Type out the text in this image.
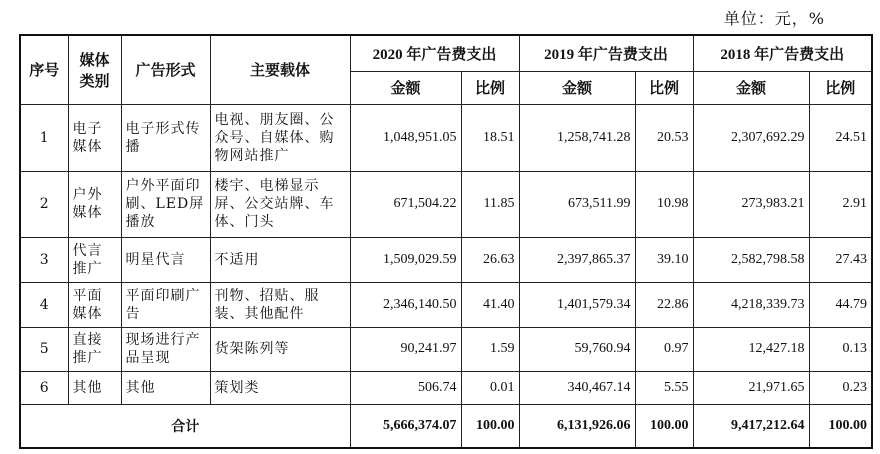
单位：元，%
序号	媒体类别	广告形式	主要载体	2020 年广告费支出		2019 年广告费支出		2018 年广告费支出	
				金额	比例	金额	比例	金额	比例
1	电子媒体	电子形式传播	电视、朋友圈、公众号、自媒体、购物网站推广	1,048,951.05	18.51	1,258,741.28	20.53	2,307,692.29	24.51
2	户外媒体	户外平面印刷、LED屏播放	楼宇、电梯显示屏、公交站牌、车体、门头	671,504.22	11.85	673,511.99	10.98	273,983.21	2.91
3	代言推广	明星代言	不适用	1,509,029.59	26.63	2,397,865.37	39.10	2,582,798.58	27.43
4	平面媒体	平面印刷广告	刊物、招贴、服装、其他配件	2,346,140.50	41.40	1,401,579.34	22.86	4,218,339.73	44.79
5	直接推广	现场进行产品呈现	货架陈列等	90,241.97	1.59	59,760.94	0.97	12,427.18	0.13
6	其他	其他	策划类	506.74	0.01	340,467.14	5.55	21,971.65	0.23
合计				5,666,374.07	100.00	6,131,926.06	100.00	9,417,212.64	100.00
